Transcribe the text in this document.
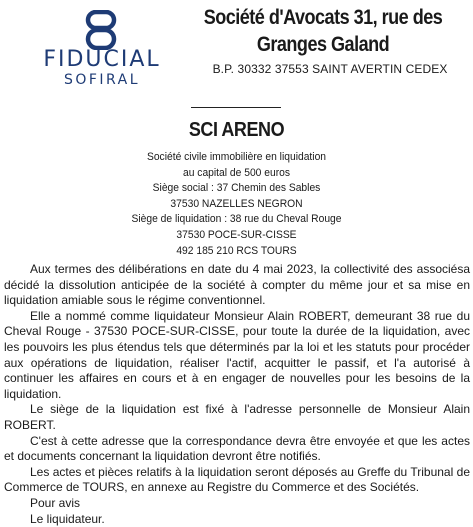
FIDUCIAL
SOFIRAL
Société d'Avocats 31, rue des
Granges Galand
B.P. 30332 37553 SAINT AVERTIN CEDEX
SCI ARENO
Société civile immobilière en liquidation
au capital de 500 euros
Siège social : 37 Chemin des Sables
37530 NAZELLES NEGRON
Siège de liquidation : 38 rue du Cheval Rouge
37530 POCE-SUR-CISSE
492 185 210 RCS TOURS

Aux termes des délibérations en date du 4 mai 2023, la collectivité des associésa décidé la dissolution anticipée de la société à compter du même jour et sa mise en liquidation amiable sous le régime conventionnel.

Elle a nommé comme liquidateur Monsieur Alain ROBERT, demeurant 38 rue du Cheval Rouge - 37530 POCE-SUR-CISSE, pour toute la durée de la liquidation, avec les pouvoirs les plus étendus tels que déterminés par la loi et les statuts pour procéder aux opérations de liquidation, réaliser l'actif, acquitter le passif, et l'a autorisé à continuer les affaires en cours et à en engager de nouvelles pour les besoins de la liquidation.

Le siège de la liquidation est fixé à l'adresse personnelle de Monsieur Alain ROBERT.

C'est à cette adresse que la correspondance devra être envoyée et que les actes et documents concernant la liquidation devront être notifiés.

Les actes et pièces relatifs à la liquidation seront déposés au Greffe du Tribunal de Commerce de TOURS, en annexe au Registre du Commerce et des Sociétés.

Pour avis

Le liquidateur.
